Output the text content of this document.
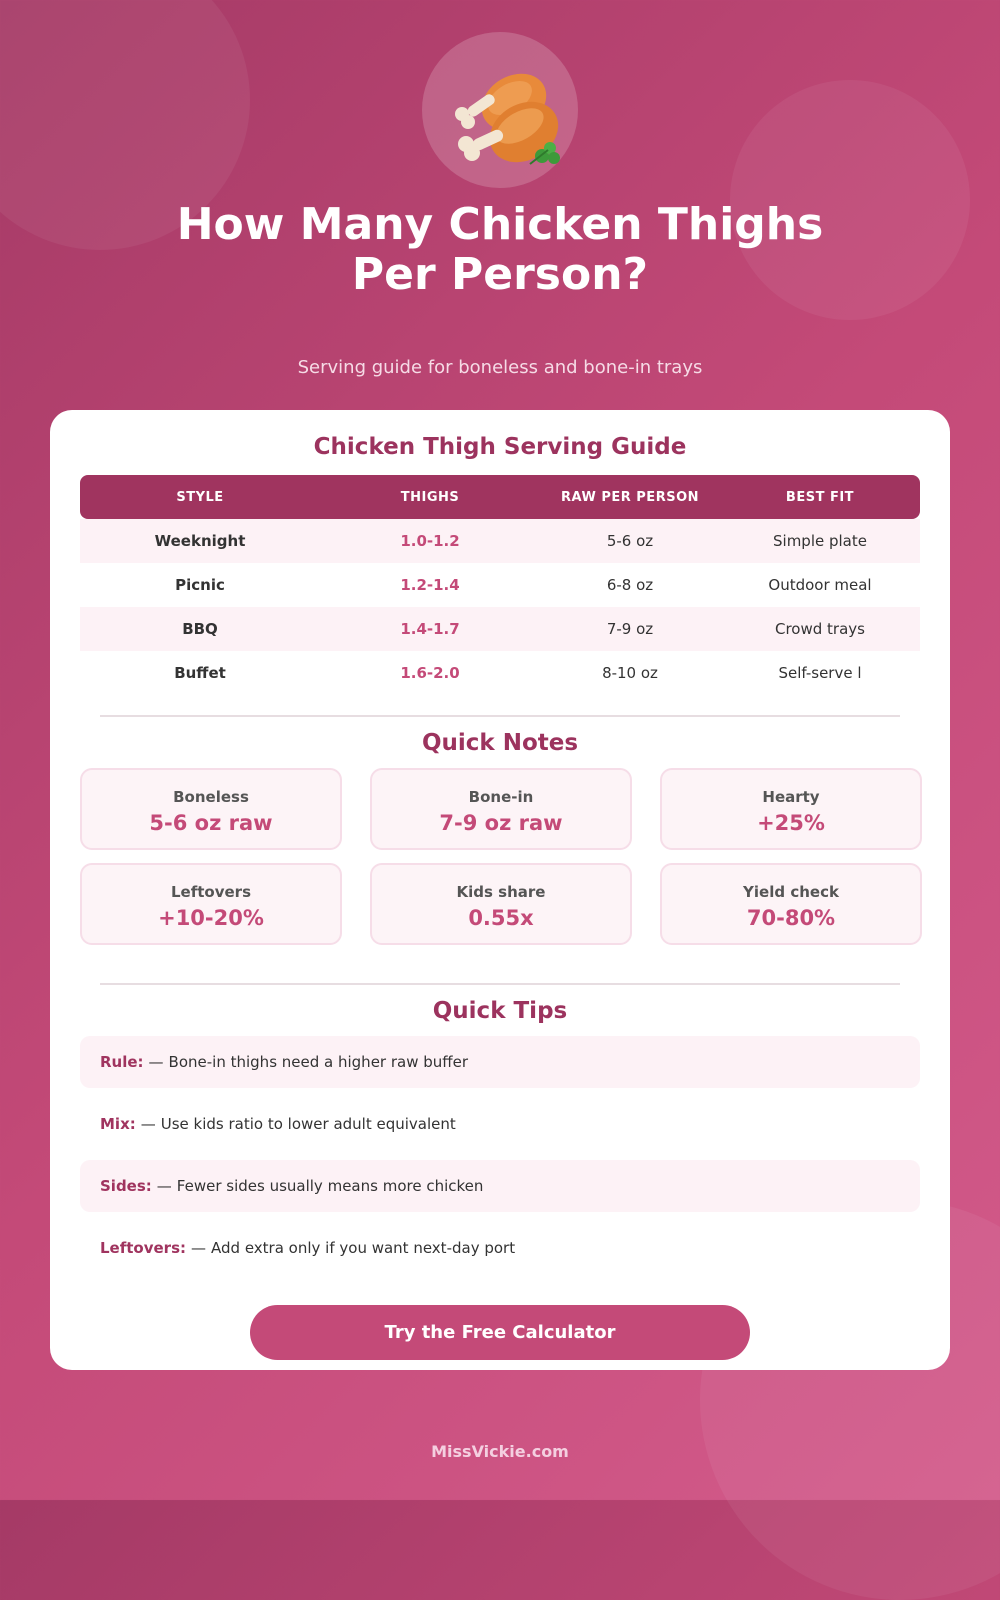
How Many Chicken Thighs
Per Person?
Serving guide for boneless and bone-in trays
Chicken Thigh Serving Guide
STYLE	THIGHS	RAW PER PERSON	BEST FIT
Weeknight	1.0-1.2	5-6 oz	Simple plate
Picnic	1.2-1.4	6-8 oz	Outdoor meal
BBQ	1.4-1.7	7-9 oz	Crowd trays
Buffet	1.6-2.0	8-10 oz	Self-serve l
Quick Notes
Boneless
5-6 oz raw
Bone-in
7-9 oz raw
Hearty
+25%
Leftovers
+10-20%
Kids share
0.55x
Yield check
70-80%
Quick Tips
Rule: — Bone-in thighs need a higher raw buffer
Mix: — Use kids ratio to lower adult equivalent
Sides: — Fewer sides usually means more chicken
Leftovers: — Add extra only if you want next-day port
Try the Free Calculator
MissVickie.com
